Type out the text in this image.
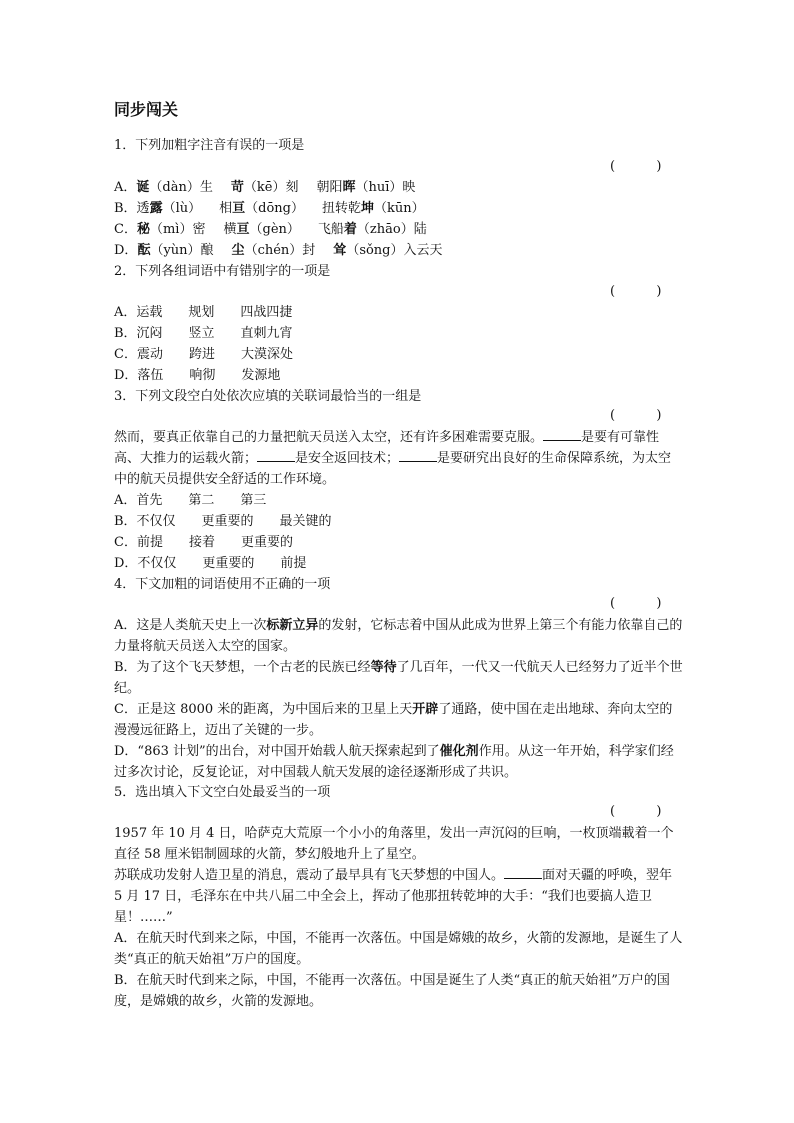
同步闯关
1．下列加粗字注音有误的一项是
(          )
A．诞（dàn）生 苛（kē）刻 朝阳晖（huī）映
B．透露（lù） 相亘（dōng） 扭转乾坤（kūn）
C．秘（mì）密 横亘（gèn） 飞船着（zhāo）陆
D．酝（yùn）酿 尘（chén）封 耸（sǒng）入云天
2．下列各组词语中有错别字的一项是
(          )
A．运载　　规划　　四战四捷
B．沉闷　　竖立　　直刺九宵
C．震动　　跨进　　大漠深处
D．落伍　　响彻　　发源地
3．下列文段空白处依次应填的关联词最恰当的一组是
(          )
然而，要真正依靠自己的力量把航天员送入太空，还有许多困难需要克服。	是要有可靠性高、大推力的运载火箭；	是安全返回技术；	是要研究出良好的生命保障系统，为太空中的航天员提供安全舒适的工作环境。
A．首先　　第二　　第三
B．不仅仅　　更重要的　　最关键的
C．前提　　接着　　更重要的
D．不仅仅　　更重要的　　前提
4．下文加粗的词语使用不正确的一项
(          )
A．这是人类航天史上一次标新立异的发射，它标志着中国从此成为世界上第三个有能力依靠自己的力量将航天员送入太空的国家。
B．为了这个飞天梦想，一个古老的民族已经等待了几百年，一代又一代航天人已经努力了近半个世纪。
C．正是这 8000 米的距离，为中国后来的卫星上天开辟了通路，使中国在走出地球、奔向太空的漫漫远征路上，迈出了关键的一步。
D．“863 计划”的出台，对中国开始载人航天探索起到了催化剂作用。从这一年开始，科学家们经过多次讨论，反复论证，对中国载人航天发展的途径逐渐形成了共识。
5．选出填入下文空白处最妥当的一项
(          )
1957 年 10 月 4 日，哈萨克大荒原一个小小的角落里，发出一声沉闷的巨响，一枚顶端載着一个直径 58 厘米铝制圆球的火箭，梦幻般地升上了星空。
苏联成功发射人造卫星的消息，震动了最早具有飞天梦想的中国人。	面对天疆的呼唤，翌年 5 月 17 日，毛泽东在中共八届二中全会上，挥动了他那扭转乾坤的大手：“我们也要搞人造卫星！……”
A．在航天时代到来之际，中国，不能再一次落伍。中国是嫦娥的故乡，火箭的发源地，是诞生了人类“真正的航天始祖”万户的国度。
B．在航天时代到来之际，中国，不能再一次落伍。中国是诞生了人类“真正的航天始祖”万户的国度，是嫦娥的故乡，火箭的发源地。
